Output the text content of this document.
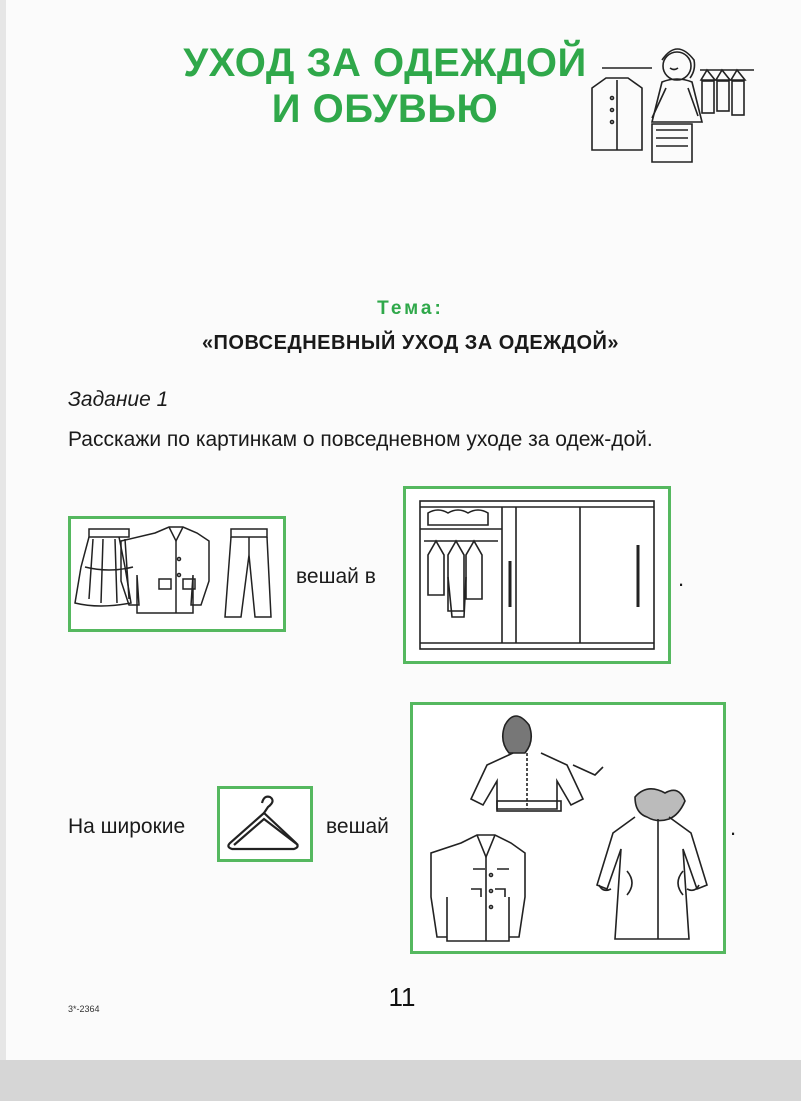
УХОД ЗА ОДЕЖДОЙ
И ОБУВЬЮ
Тема:
«ПОВСЕДНЕВНЫЙ УХОД ЗА ОДЕЖДОЙ»
Задание 1
Расскажи по картинкам о повседневном уходе за одеж-дой.
вешай в	.
На широкие	вешай	.
11
3*-2364
